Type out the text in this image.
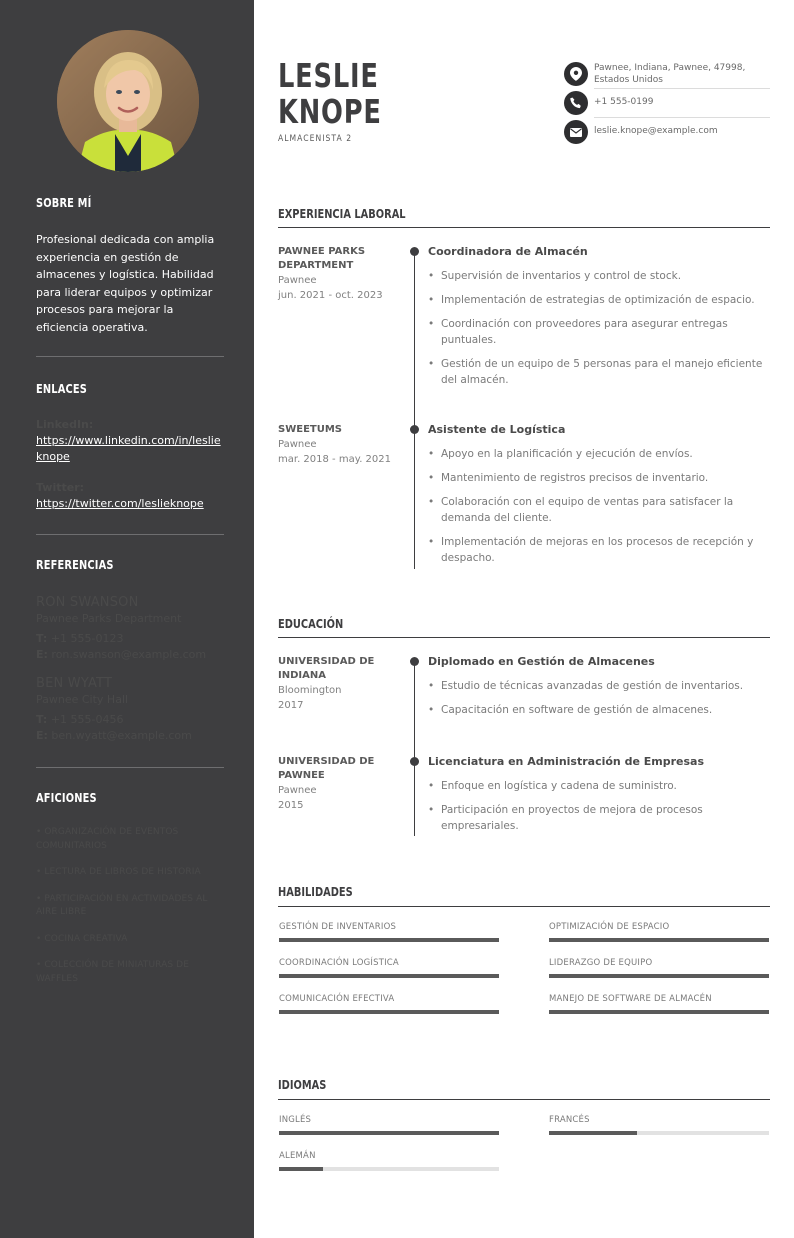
SOBRE MÍ
Profesional dedicada con amplia experiencia en gestión de almacenes y logística. Habilidad para liderar equipos y optimizar procesos para mejorar la eficiencia operativa.
ENLACES
LinkedIn:
https://www.linkedin.com/in/leslieknope
Twitter:
https://twitter.com/leslieknope
REFERENCIAS
RON SWANSON
Pawnee Parks Department
T: +1 555-0123
E: ron.swanson@example.com
BEN WYATT
Pawnee City Hall
T: +1 555-0456
E: ben.wyatt@example.com
AFICIONES
• ORGANIZACIÓN DE EVENTOS COMUNITARIOS
• LECTURA DE LIBROS DE HISTORIA
• PARTICIPACIÓN EN ACTIVIDADES AL AIRE LIBRE
• COCINA CREATIVA
• COLECCIÓN DE MINIATURAS DE WAFFLES
LESLIE
KNOPE
ALMACENISTA 2
Pawnee, Indiana, Pawnee, 47998, Estados Unidos
+1 555-0199
leslie.knope@example.com
EXPERIENCIA LABORAL
PAWNEE PARKS DEPARTMENT
Pawnee
jun. 2021 - oct. 2023
Coordinadora de Almacén
• Supervisión de inventarios y control de stock.
• Implementación de estrategias de optimización de espacio.
• Coordinación con proveedores para asegurar entregas puntuales.
• Gestión de un equipo de 5 personas para el manejo eficiente del almacén.
SWEETUMS
Pawnee
mar. 2018 - may. 2021
Asistente de Logística
• Apoyo en la planificación y ejecución de envíos.
• Mantenimiento de registros precisos de inventario.
• Colaboración con el equipo de ventas para satisfacer la demanda del cliente.
• Implementación de mejoras en los procesos de recepción y despacho.
EDUCACIÓN
UNIVERSIDAD DE INDIANA
Bloomington
2017
Diplomado en Gestión de Almacenes
• Estudio de técnicas avanzadas de gestión de inventarios.
• Capacitación en software de gestión de almacenes.
UNIVERSIDAD DE PAWNEE
Pawnee
2015
Licenciatura en Administración de Empresas
• Enfoque en logística y cadena de suministro.
• Participación en proyectos de mejora de procesos empresariales.
HABILIDADES
GESTIÓN DE INVENTARIOS	OPTIMIZACIÓN DE ESPACIO
COORDINACIÓN LOGÍSTICA	LIDERAZGO DE EQUIPO
COMUNICACIÓN EFECTIVA	MANEJO DE SOFTWARE DE ALMACÉN
IDIOMAS
INGLÉS	FRANCÉS
ALEMÁN
